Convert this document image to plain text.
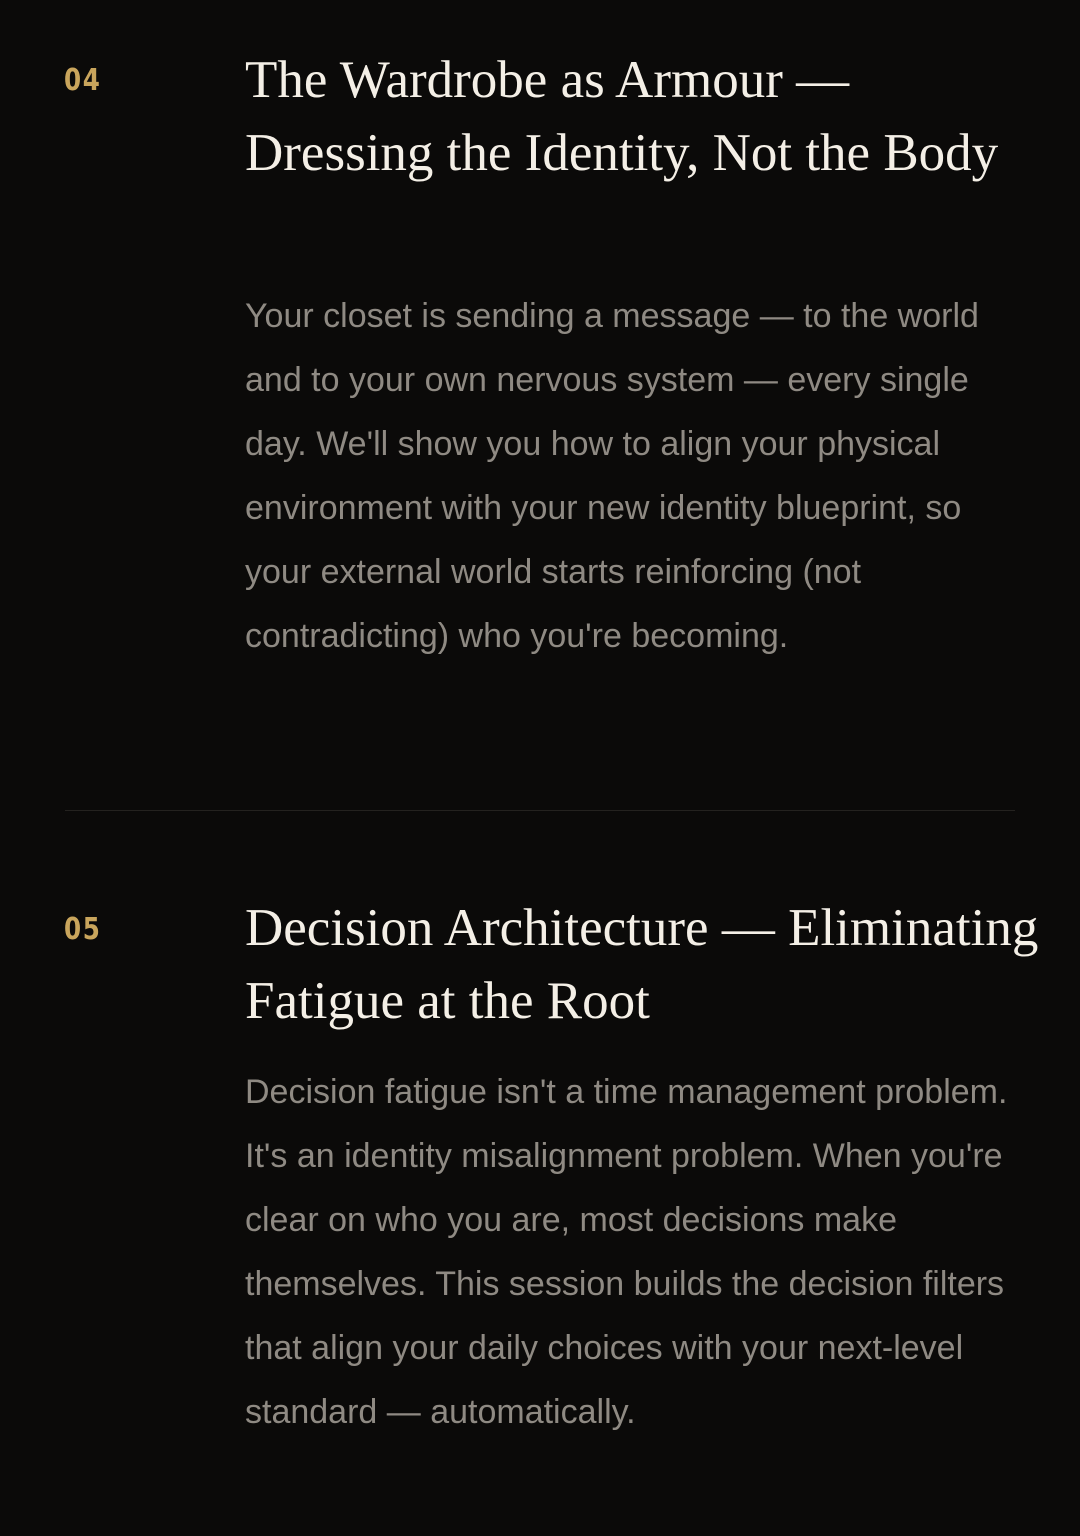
04	The Wardrobe as Armour — Dressing the Identity, Not the Body

Your closet is sending a message — to the world and to your own nervous system — every single day. We'll show you how to align your physical environment with your new identity blueprint, so your external world starts reinforcing (not contradicting) who you're becoming.

05	Decision Architecture — Eliminating Fatigue at the Root

Decision fatigue isn't a time management problem. It's an identity misalignment problem. When you're clear on who you are, most decisions make themselves. This session builds the decision filters that align your daily choices with your next-level standard — automatically.
